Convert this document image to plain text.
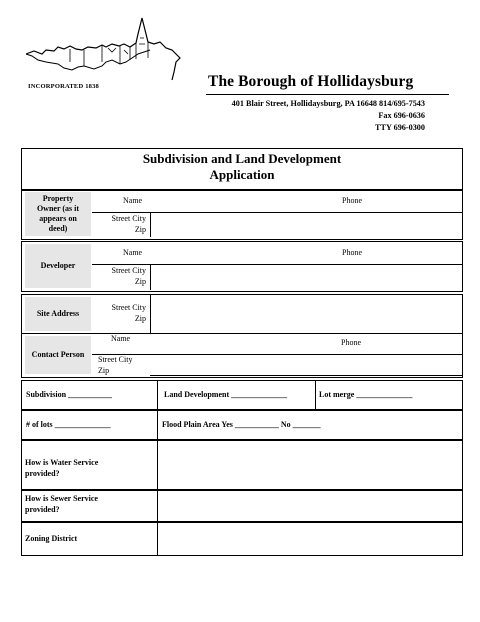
INCORPORATED 1838	The Borough of Hollidaysburg
401 Blair Street, Hollidaysburg, PA 16648 814/695-7543
Fax 696-0636
TTY 696-0300
Subdivision and Land Development
Application
Property Owner (as it appears on deed)
Name	Phone
Street City
Zip
Developer
Name	Phone
Street City
Zip
Site Address
Street City
Zip
Contact Person
Name	Phone
Street City
Zip
Subdivision ___________	Land Development ______________	Lot merge ______________
# of lots ______________	Flood Plain Area Yes ___________ No _______
How is Water Service provided?
How is Sewer Service provided?
Zoning District
